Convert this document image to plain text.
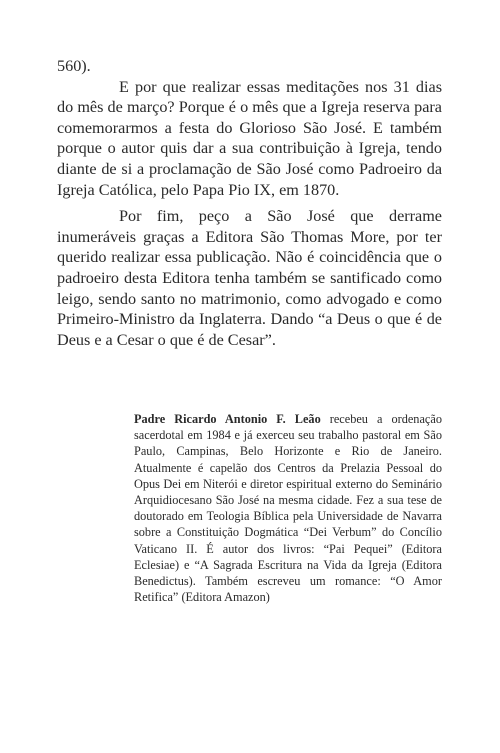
560).

E por que realizar essas meditações nos 31 dias do mês de março? Porque é o mês que a Igreja reserva para comemorarmos a festa do Glorioso São José. E também porque o autor quis dar a sua contribuição à Igreja, tendo diante de si a proclamação de São José como Padroeiro da Igreja Católica, pelo Papa Pio IX, em 1870.

Por fim, peço a São José que derrame inumeráveis graças a Editora São Thomas More, por ter querido realizar essa publicação. Não é coincidência que o padroeiro desta Editora tenha também se santificado como leigo, sendo santo no matrimonio, como advogado e como Primeiro-Ministro da Inglaterra. Dando “a Deus o que é de Deus e a Cesar o que é de Cesar”.

Padre Ricardo Antonio F. Leão recebeu a ordenação sacerdotal em 1984 e já exerceu seu trabalho pastoral em São Paulo, Campinas, Belo Horizonte e Rio de Janeiro. Atualmente é capelão dos Centros da Prelazia Pessoal do Opus Dei em Niterói e diretor espiritual externo do Seminário Arquidiocesano São José na mesma cidade. Fez a sua tese de doutorado em Teologia Bíblica pela Universidade de Navarra sobre a Constituição Dogmática “Dei Verbum” do Concílio Vaticano II. É autor dos livros: “Pai Pequei” (Editora Eclesiae) e “A Sagrada Escritura na Vida da Igreja (Editora Benedictus). Também escreveu um romance: “O Amor Retifica” (Editora Amazon)
